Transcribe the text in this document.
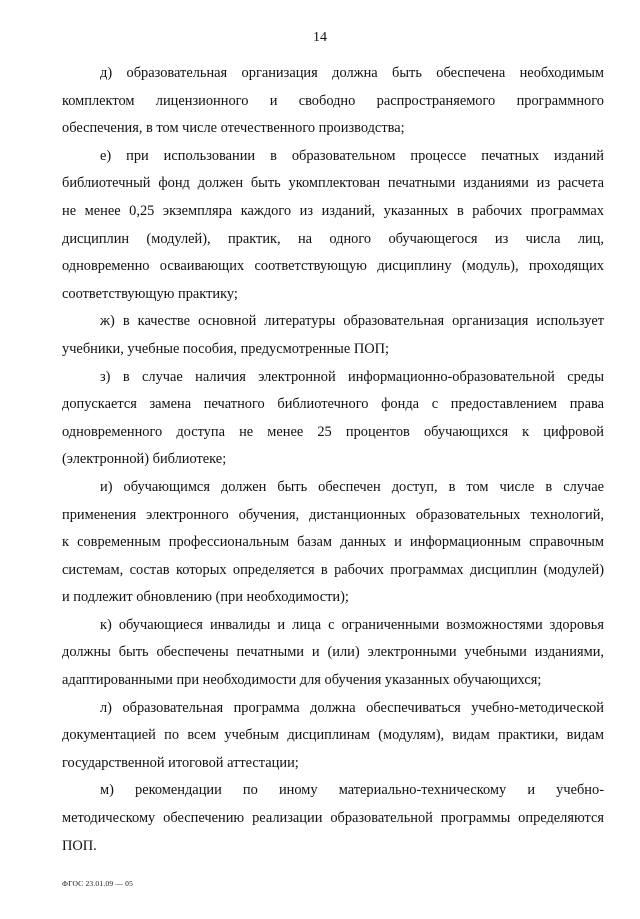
14
д) образовательная организация должна быть обеспечена необходимым
комплектом лицензионного и свободно распространяемого программного
обеспечения, в том числе отечественного производства;
е) при использовании в образовательном процессе печатных изданий
библиотечный фонд должен быть укомплектован печатными изданиями из расчета
не менее 0,25 экземпляра каждого из изданий, указанных в рабочих программах
дисциплин (модулей), практик, на одного обучающегося из числа лиц,
одновременно осваивающих соответствующую дисциплину (модуль), проходящих
соответствующую практику;
ж) в качестве основной литературы образовательная организация использует
учебники, учебные пособия, предусмотренные ПОП;
з) в случае наличия электронной информационно-образовательной среды
допускается замена печатного библиотечного фонда с предоставлением права
одновременного доступа не менее 25 процентов обучающихся к цифровой
(электронной) библиотеке;
и) обучающимся должен быть обеспечен доступ, в том числе в случае
применения электронного обучения, дистанционных образовательных технологий,
к современным профессиональным базам данных и информационным справочным
системам, состав которых определяется в рабочих программах дисциплин (модулей)
и подлежит обновлению (при необходимости);
к) обучающиеся инвалиды и лица с ограниченными возможностями здоровья
должны быть обеспечены печатными и (или) электронными учебными изданиями,
адаптированными при необходимости для обучения указанных обучающихся;
л) образовательная программа должна обеспечиваться учебно-методической
документацией по всем учебным дисциплинам (модулям), видам практики, видам
государственной итоговой аттестации;
м) рекомендации по иному материально-техническому и учебно-
методическому обеспечению реализации образовательной программы определяются
ПОП.
ФГОС 23.01.09 — 05
